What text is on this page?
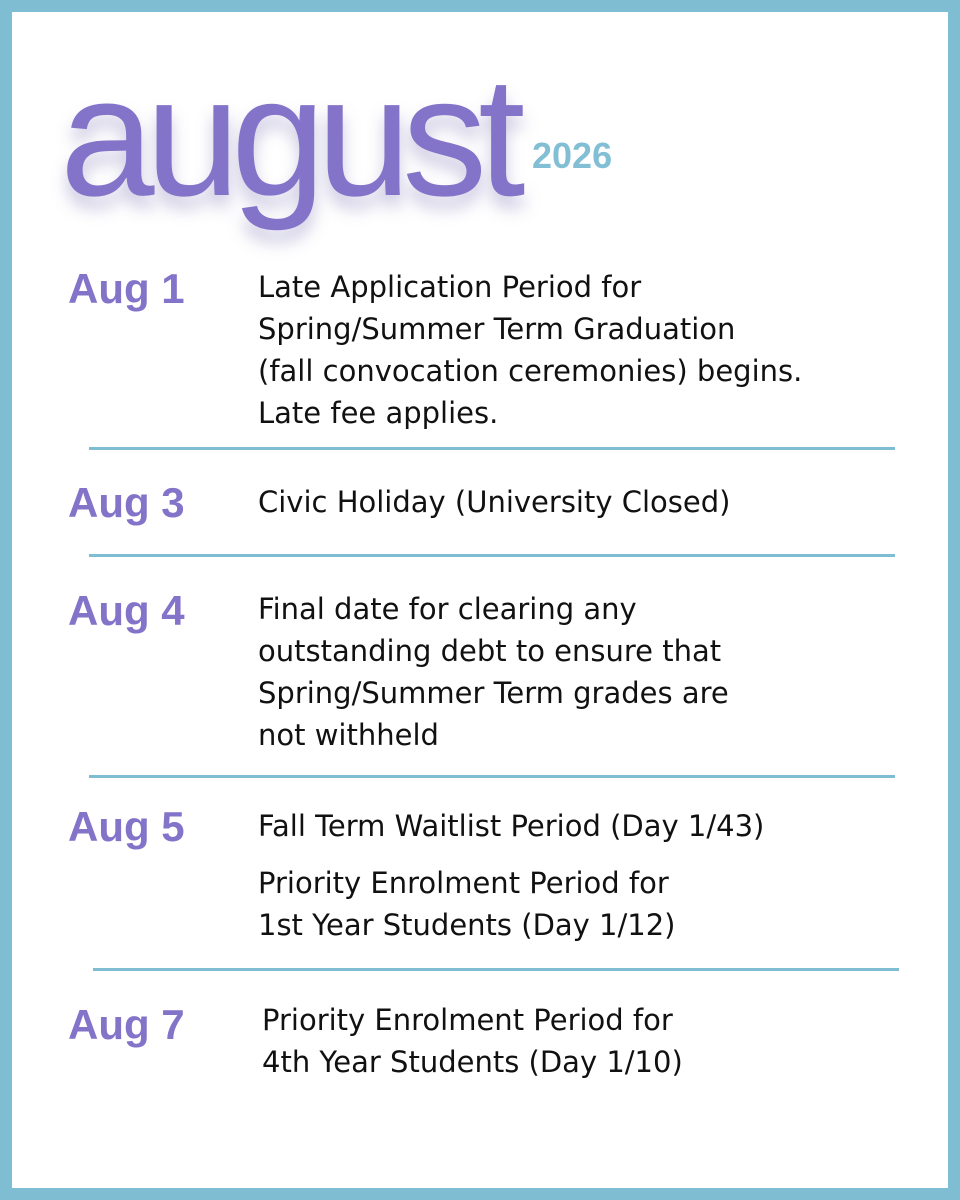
august 2026
Aug 1	Late Application Period for
Spring/Summer Term Graduation
(fall convocation ceremonies) begins.
Late fee applies.
Aug 3	Civic Holiday (University Closed)
Aug 4	Final date for clearing any
outstanding debt to ensure that
Spring/Summer Term grades are
not withheld
Aug 5	Fall Term Waitlist Period (Day 1/43)
Priority Enrolment Period for
1st Year Students (Day 1/12)
Aug 7	Priority Enrolment Period for
4th Year Students (Day 1/10)
